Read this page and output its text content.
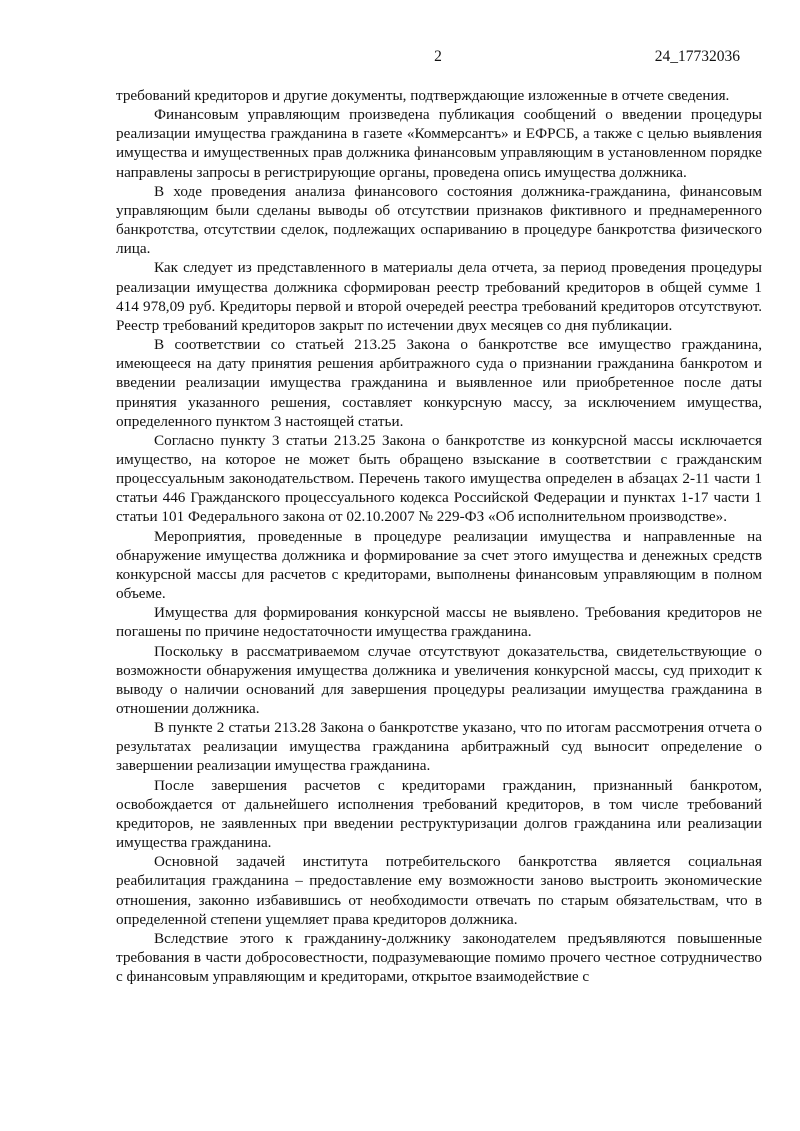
2	24_17732036

требований кредиторов и другие документы, подтверждающие изложенные в отчете сведения.

Финансовым управляющим произведена публикация сообщений о введении процедуры реализации имущества гражданина в газете «Коммерсантъ» и ЕФРСБ, а также с целью выявления имущества и имущественных прав должника финансовым управляющим в установленном порядке направлены запросы в регистрирующие органы, проведена опись имущества должника.

В ходе проведения анализа финансового состояния должника-гражданина, финансовым управляющим были сделаны выводы об отсутствии признаков фиктивного и преднамеренного банкротства, отсутствии сделок, подлежащих оспариванию в процедуре банкротства физического лица.

Как следует из представленного в материалы дела отчета, за период проведения процедуры реализации имущества должника сформирован реестр требований кредиторов в общей сумме 1 414 978,09 руб. Кредиторы первой и второй очередей реестра требований кредиторов отсутствуют. Реестр требований кредиторов закрыт по истечении двух месяцев со дня публикации.

В соответствии со статьей 213.25 Закона о банкротстве все имущество гражданина, имеющееся на дату принятия решения арбитражного суда о признании гражданина банкротом и введении реализации имущества гражданина и выявленное или приобретенное после даты принятия указанного решения, составляет конкурсную массу, за исключением имущества, определенного пунктом 3 настоящей статьи.

Согласно пункту 3 статьи 213.25 Закона о банкротстве из конкурсной массы исключается имущество, на которое не может быть обращено взыскание в соответствии с гражданским процессуальным законодательством. Перечень такого имущества определен в абзацах 2-11 части 1 статьи 446 Гражданского процессуального кодекса Российской Федерации и пунктах 1-17 части 1 статьи 101 Федерального закона от 02.10.2007 № 229-ФЗ «Об исполнительном производстве».

Мероприятия, проведенные в процедуре реализации имущества и направленные на обнаружение имущества должника и формирование за счет этого имущества и денежных средств конкурсной массы для расчетов с кредиторами, выполнены финансовым управляющим в полном объеме.

Имущества для формирования конкурсной массы не выявлено. Требования кредиторов не погашены по причине недостаточности имущества гражданина.

Поскольку в рассматриваемом случае отсутствуют доказательства, свидетельствующие о возможности обнаружения имущества должника и увеличения конкурсной массы, суд приходит к выводу о наличии оснований для завершения процедуры реализации имущества гражданина в отношении должника.

В пункте 2 статьи 213.28 Закона о банкротстве указано, что по итогам рассмотрения отчета о результатах реализации имущества гражданина арбитражный суд выносит определение о завершении реализации имущества гражданина.

После завершения расчетов с кредиторами гражданин, признанный банкротом, освобождается от дальнейшего исполнения требований кредиторов, в том числе требований кредиторов, не заявленных при введении реструктуризации долгов гражданина или реализации имущества гражданина.

Основной задачей института потребительского банкротства является социальная реабилитация гражданина – предоставление ему возможности заново выстроить экономические отношения, законно избавившись от необходимости отвечать по старым обязательствам, что в определенной степени ущемляет права кредиторов должника.

Вследствие этого к гражданину-должнику законодателем предъявляются повышенные требования в части добросовестности, подразумевающие помимо прочего честное сотрудничество с финансовым управляющим и кредиторами, открытое взаимодействие с
